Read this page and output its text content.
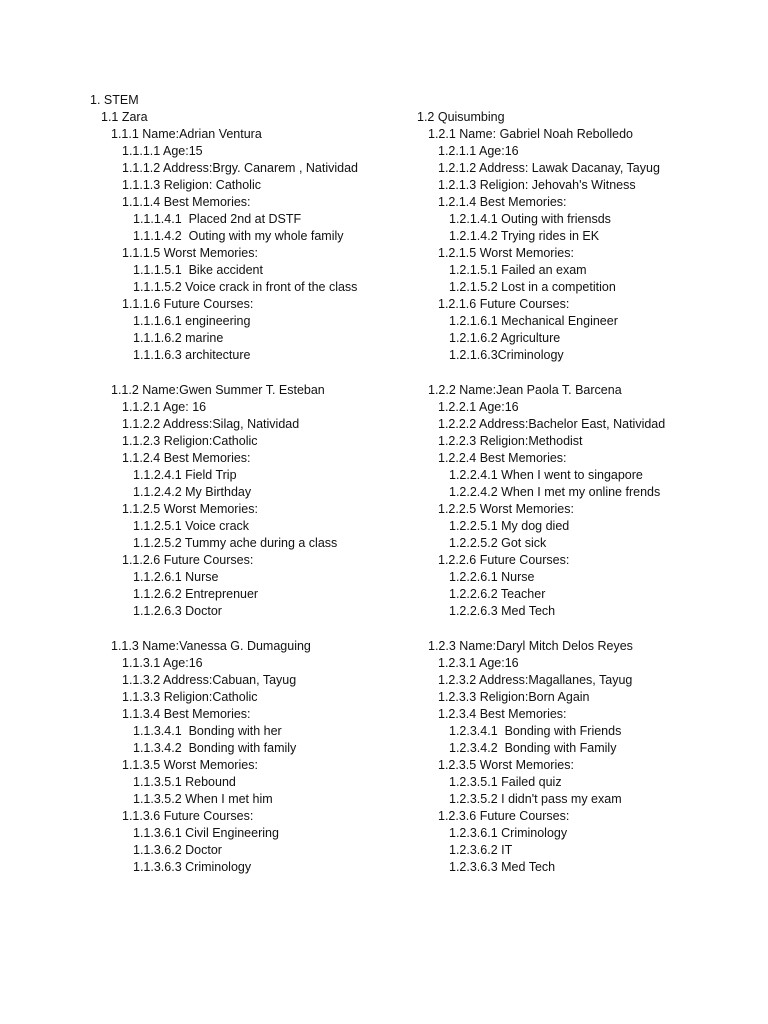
1. STEM
1.1 Zara
1.1.1 Name:Adrian Ventura
1.1.1.1 Age:15
1.1.1.2 Address:Brgy. Canarem , Natividad
1.1.1.3 Religion: Catholic
1.1.1.4 Best Memories:
1.1.1.4.1  Placed 2nd at DSTF
1.1.1.4.2  Outing with my whole family
1.1.1.5 Worst Memories:
1.1.1.5.1  Bike accident
1.1.1.5.2 Voice crack in front of the class
1.1.1.6 Future Courses:
1.1.1.6.1 engineering
1.1.1.6.2 marine
1.1.1.6.3 architecture
1.1.2 Name:Gwen Summer T. Esteban
1.1.2.1 Age: 16
1.1.2.2 Address:Silag, Natividad
1.1.2.3 Religion:Catholic
1.1.2.4 Best Memories:
1.1.2.4.1 Field Trip
1.1.2.4.2 My Birthday
1.1.2.5 Worst Memories:
1.1.2.5.1 Voice crack
1.1.2.5.2 Tummy ache during a class
1.1.2.6 Future Courses:
1.1.2.6.1 Nurse
1.1.2.6.2 Entreprenuer
1.1.2.6.3 Doctor
1.1.3 Name:Vanessa G. Dumaguing
1.1.3.1 Age:16
1.1.3.2 Address:Cabuan, Tayug
1.1.3.3 Religion:Catholic
1.1.3.4 Best Memories:
1.1.3.4.1  Bonding with her
1.1.3.4.2  Bonding with family
1.1.3.5 Worst Memories:
1.1.3.5.1 Rebound
1.1.3.5.2 When I met him
1.1.3.6 Future Courses:
1.1.3.6.1 Civil Engineering
1.1.3.6.2 Doctor
1.1.3.6.3 Criminology
1.2 Quisumbing
1.2.1 Name: Gabriel Noah Rebolledo
1.2.1.1 Age:16
1.2.1.2 Address: Lawak Dacanay, Tayug
1.2.1.3 Religion: Jehovah's Witness
1.2.1.4 Best Memories:
1.2.1.4.1 Outing with friensds
1.2.1.4.2 Trying rides in EK
1.2.1.5 Worst Memories:
1.2.1.5.1 Failed an exam
1.2.1.5.2 Lost in a competition
1.2.1.6 Future Courses:
1.2.1.6.1 Mechanical Engineer
1.2.1.6.2 Agriculture
1.2.1.6.3Criminology
1.2.2 Name:Jean Paola T. Barcena
1.2.2.1 Age:16
1.2.2.2 Address:Bachelor East, Natividad
1.2.2.3 Religion:Methodist
1.2.2.4 Best Memories:
1.2.2.4.1 When I went to singapore
1.2.2.4.2 When I met my online frends
1.2.2.5 Worst Memories:
1.2.2.5.1 My dog died
1.2.2.5.2 Got sick
1.2.2.6 Future Courses:
1.2.2.6.1 Nurse
1.2.2.6.2 Teacher
1.2.2.6.3 Med Tech
1.2.3 Name:Daryl Mitch Delos Reyes
1.2.3.1 Age:16
1.2.3.2 Address:Magallanes, Tayug
1.2.3.3 Religion:Born Again
1.2.3.4 Best Memories:
1.2.3.4.1  Bonding with Friends
1.2.3.4.2  Bonding with Family
1.2.3.5 Worst Memories:
1.2.3.5.1 Failed quiz
1.2.3.5.2 I didn't pass my exam
1.2.3.6 Future Courses:
1.2.3.6.1 Criminology
1.2.3.6.2 IT
1.2.3.6.3 Med Tech
